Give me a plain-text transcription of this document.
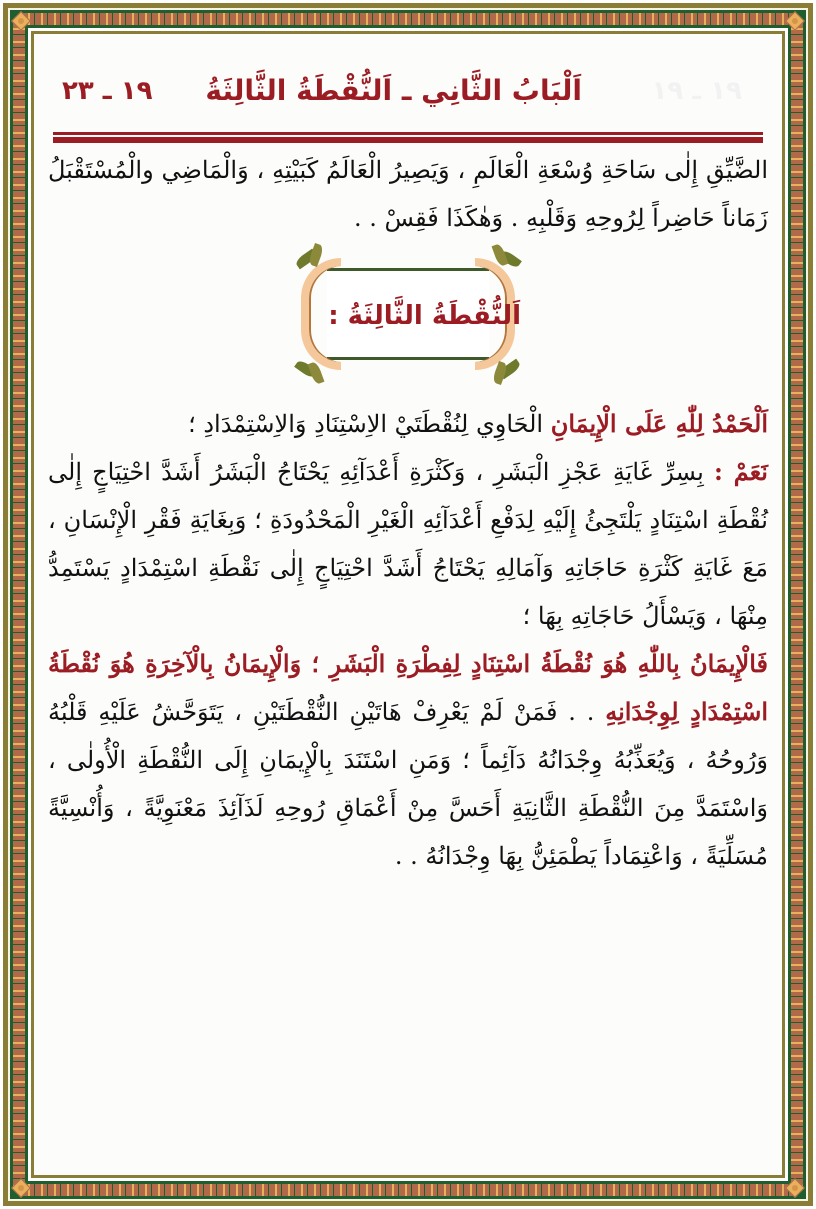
١٩ ـ ١٩
اَلْبَابُ الثَّانِي ـ اَلنُّقْطَةُ الثَّالِثَةُ
١٩ ـ ٢٣

الضَّيِّقِ إِلٰى سَاحَةِ وُسْعَةِ الْعَالَمِ ، وَيَصِيرُ الْعَالَمُ كَبَيْتِهِ ، وَالْمَاضِي والْمُسْتَقْبَلُ زَمَاناً حَاضِراً لِرُوحِهِ وَقَلْبِهِ . وَهٰكَذَا فَقِسْ . .

اَلنُّقْطَةُ الثَّالِثَةُ :

اَلْحَمْدُ لِلّٰهِ عَلَى الْإِيمَانِ الْحَاوِي لِنُقْطَتَيْ الاِسْتِنَادِ وَالاِسْتِمْدَادِ ؛

نَعَمْ : بِسِرِّ غَايَةِ عَجْزِ الْبَشَرِ ، وَكَثْرَةِ أَعْدَآئِهِ يَحْتَاجُ الْبَشَرُ أَشَدَّ احْتِيَاجٍ إِلٰى نُقْطَةِ اسْتِنَادٍ يَلْتَجِئُ إِلَيْهِ لِدَفْعِ أَعْدَآئِهِ الْغَيْرِ الْمَحْدُودَةِ ؛ وَبِغَايَةِ فَقْرِ الْإِنْسَانِ ، مَعَ غَايَةِ كَثْرَةِ حَاجَاتِهِ وَآمَالِهِ يَحْتَاجُ أَشَدَّ احْتِيَاجٍ إِلٰى نَقْطَةِ اسْتِمْدَادٍ يَسْتَمِدُّ مِنْهَا ، وَيَسْأَلُ حَاجَاتِهِ بِهَا ؛

فَالْإِيمَانُ بِاللّٰهِ هُوَ نُقْطَةُ اسْتِنَادٍ لِفِطْرَةِ الْبَشَرِ ؛ وَالْإِيمَانُ بِالْآخِرَةِ هُوَ نُقْطَةُ اسْتِمْدَادٍ لِوِجْدَانِهِ . . فَمَنْ لَمْ يَعْرِفْ هَاتَيْنِ النُّقْطَتَيْنِ ، يَتَوَحَّشُ عَلَيْهِ قَلْبُهُ وَرُوحُهُ ، وَيُعَذِّبُهُ وِجْدَانُهُ دَآئِماً ؛ وَمَنِ اسْتَنَدَ بِالْإِيمَانِ إِلَى النُّقْطَةِ الْأُولٰى ، وَاسْتَمَدَّ مِنَ النُّقْطَةِ الثَّانِيَةِ أَحَسَّ مِنْ أَعْمَاقِ رُوحِهِ لَذَآئِذَ مَعْنَوِيَّةً ، وَأُنْسِيَّةً مُسَلِّيَةً ، وَاعْتِمَاداً يَطْمَئِنُّ بِهَا وِجْدَانُهُ . .
